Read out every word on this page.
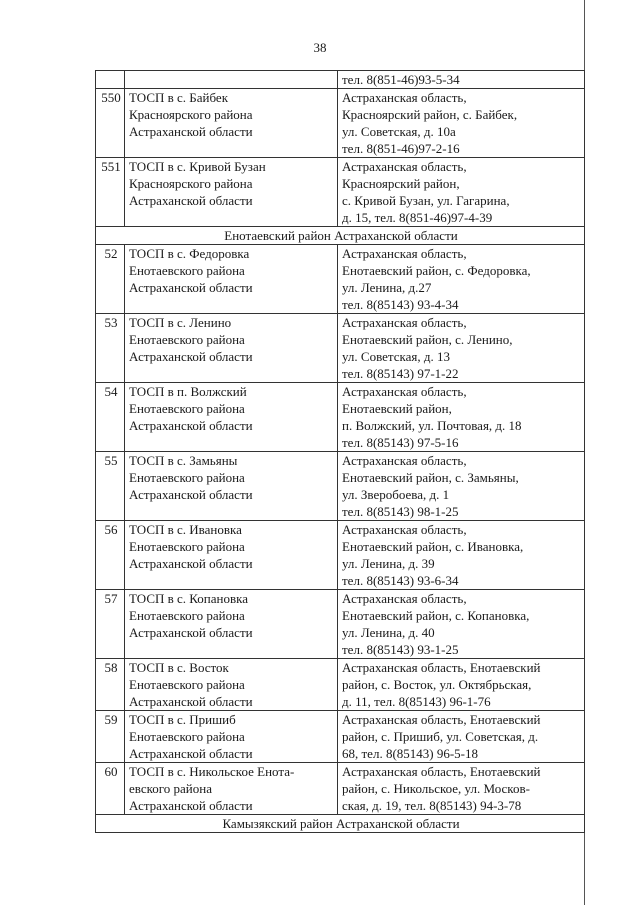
38

		тел. 8(851-46)93-5-34

550	ТОСП в с. Байбек
Красноярского района
Астраханской области	Астраханская область,
Красноярский район, с. Байбек,
ул. Советская, д. 10а
тел. 8(851-46)97-2-16

551	ТОСП в с. Кривой Бузан
Красноярского района
Астраханской области	Астраханская область,
Красноярский район,
с. Кривой Бузан, ул. Гагарина,
д. 15, тел. 8(851-46)97-4-39

Енотаевский район Астраханской области		
52	ТОСП в с. Федоровка
Енотаевского района
Астраханской области	Астраханская область,
Енотаевский район, с. Федоровка,
ул. Ленина, д.27
тел. 8(85143) 93-4-34

53	ТОСП в с. Ленино
Енотаевского района
Астраханской области	Астраханская область,
Енотаевский район, с. Ленино,
ул. Советская, д. 13
тел. 8(85143) 97-1-22

54	ТОСП в п. Волжский
Енотаевского района
Астраханской области	Астраханская область,
Енотаевский район,
п. Волжский, ул. Почтовая, д. 18
тел. 8(85143) 97-5-16

55	ТОСП в с. Замьяны
Енотаевского района
Астраханской области	Астраханская область,
Енотаевский район, с. Замьяны,
ул. Зверобоева, д. 1
тел. 8(85143) 98-1-25

56	ТОСП в с. Ивановка
Енотаевского района
Астраханской области	Астраханская область,
Енотаевский район, с. Ивановка,
ул. Ленина, д. 39
тел. 8(85143) 93-6-34

57	ТОСП в с. Копановка
Енотаевского района
Астраханской области	Астраханская область,
Енотаевский район, с. Копановка,
ул. Ленина, д. 40
тел. 8(85143) 93-1-25

58	ТОСП в с. Восток
Енотаевского района
Астраханской области	Астраханская область, Енотаевский
район, с. Восток, ул. Октябрьская,
д. 11, тел. 8(85143) 96-1-76

59	ТОСП в с. Пришиб
Енотаевского района
Астраханской области	Астраханская область, Енотаевский
район, с. Пришиб, ул. Советская, д.
68, тел. 8(85143) 96-5-18

60	ТОСП в с. Никольское Енота-
евского района
Астраханской области	Астраханская область, Енотаевский
район, с. Никольское, ул. Москов-
ская, д. 19, тел. 8(85143) 94-3-78

Камызякский район Астраханской области		
